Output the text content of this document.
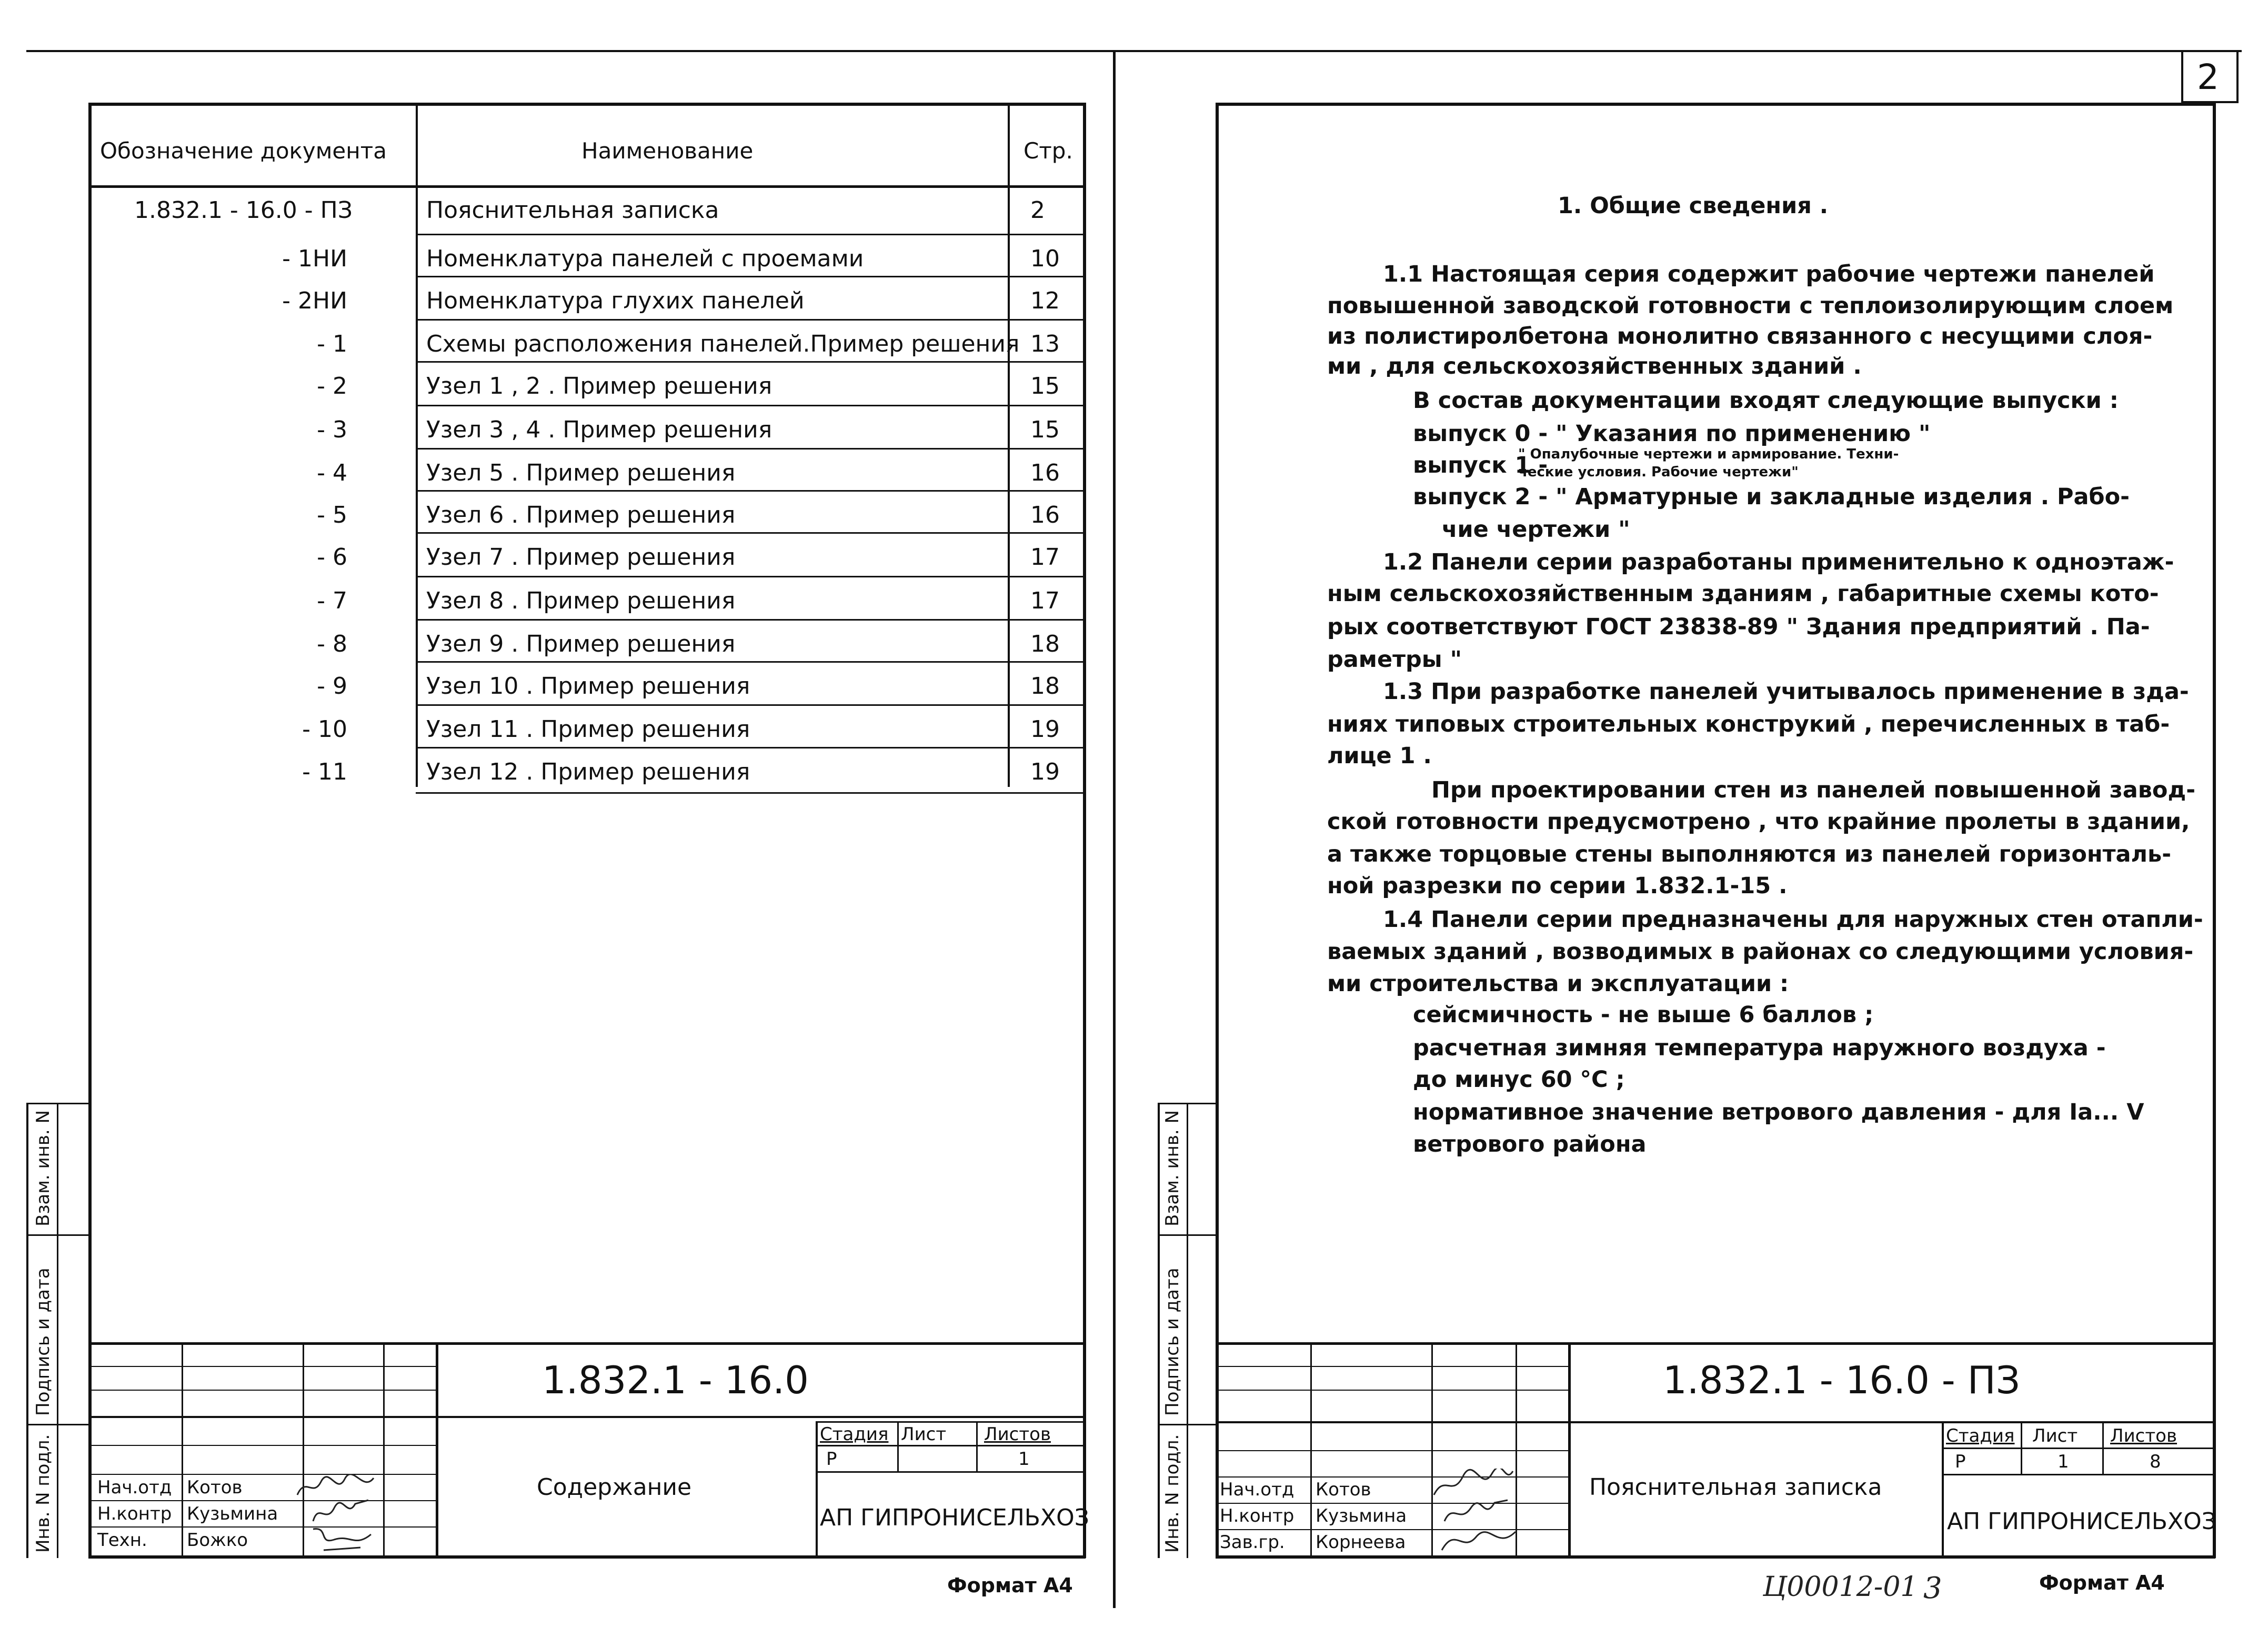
Обозначение документа	Наименование	Стр.
1.832.1 - 16.0 - ПЗ	Пояснительная записка	2
- 1НИ	Номенклатура панелей с проемами	10
- 2НИ	Номенклатура глухих панелей	12
- 1	Схемы расположения панелей.Пример решения 13
- 2	Узел 1 , 2 . Пример решения	15
- 3	Узел 3 , 4 . Пример решения	15
- 4	Узел 5 . Пример решения	16
- 5	Узел 6 . Пример решения	16
- 6	Узел 7 . Пример решения	17
- 7	Узел 8 . Пример решения	17
- 8	Узел 9 . Пример решения	18
- 9	Узел 10 . Пример решения	18
- 10	Узел 11 . Пример решения	19
- 11	Узел 12 . Пример решения	19
Взам. инв. N
Подпись и дата
N подл.
Инв.
1.832.1 - 16.0
Содержание
Стадия Лист Листов
Р	1
АП ГИПРОНИСЕЛЬХОЗ
Нач.отд Котов
Н.контр Кузьмина
Техн. Божко
Формат А4
2
1. Общие сведения .
1.1 Настоящая серия содержит рабочие чертежи панелей
повышенной заводской готовности с теплоизолирующим слоем
из полистиролбетона монолитно связанного с несущими слоя-
ми , для сельскохозяйственных зданий .
В состав документации входят следующие выпуски :
выпуск 0 - " Указания по применению "
выпуск 1 -
" Опалубочные чертежи и армирование. Техни-
ческие условия. Рабочие чертежи"
выпуск 2 - " Арматурные и закладные изделия . Рабо-
чие чертежи "
1.2 Панели серии разработаны применительно к одноэтаж-
ным сельскохозяйственным зданиям , габаритные схемы кото-
рых соответствуют ГОСТ 23838-89 " Здания предприятий . Па-
раметры "
1.3 При разработке панелей учитывалось применение в зда-
ниях типовых строительных конструкий , перечисленных в таб-
лице 1 .
При проектировании стен из панелей повышенной завод-
ской готовности предусмотрено , что крайние пролеты в здании,
а также торцовые стены выполняются из панелей горизонталь-
ной разрезки по серии 1.832.1-15 .
1.4 Панели серии предназначены для наружных стен отапли-
ваемых зданий , возводимых в районах со следующими условия-
ми строительства и эксплуатации :
сейсмичность - не выше 6 баллов ;
расчетная зимняя температура наружного воздуха -
до минус 60 °С ;
нормативное значение ветрового давления - для Iа... V
ветрового района
Взам. инв. N
Подпись и дата
N подл.
Инв.
1.832.1 - 16.0 - ПЗ
Пояснительная записка
Стадия Лист Листов
Р	1	8
АП ГИПРОНИСЕЛЬХОЗ
Нач.отд Котов
Н.контр Кузьмина
Зав.гр. Корнеева
Ц00012-01 3	Формат А4
